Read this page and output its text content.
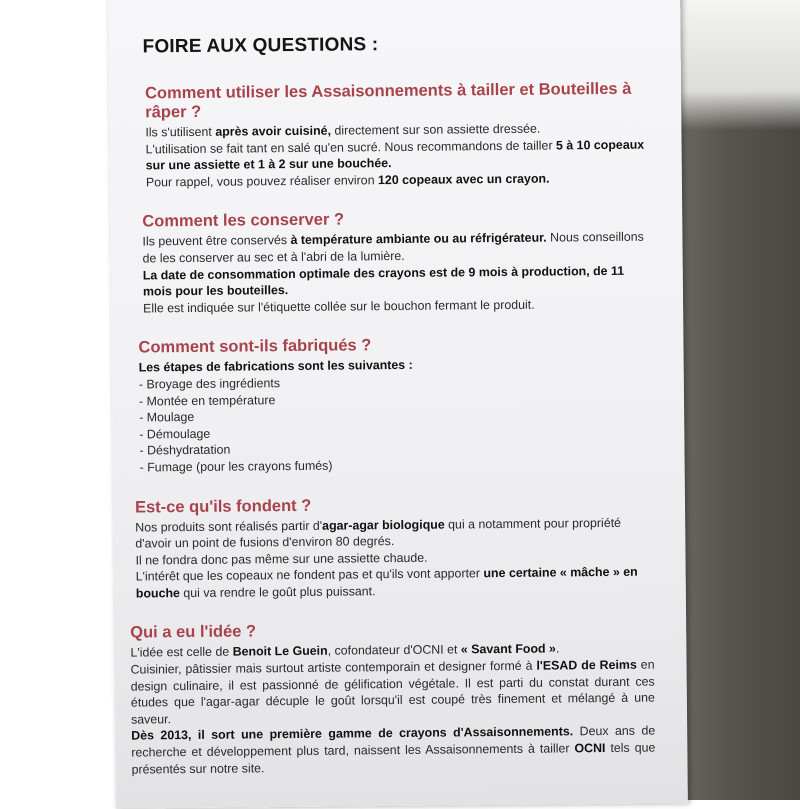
FOIRE AUX QUESTIONS :
Comment utiliser les Assaisonnements à tailler et Bouteilles à râper ?

Ils s'utilisent après avoir cuisiné, directement sur son assiette dressée.

L'utilisation se fait tant en salé qu'en sucré. Nous recommandons de tailler 5 à 10 copeaux sur une assiette et 1 à 2 sur une bouchée.

Pour rappel, vous pouvez réaliser environ 120 copeaux avec un crayon.

Comment les conserver ?

Ils peuvent être conservés à température ambiante ou au réfrigérateur. Nous conseillons de les conserver au sec et à l'abri de la lumière.

La date de consommation optimale des crayons est de 9 mois à production, de 11 mois pour les bouteilles.

Elle est indiquée sur l'étiquette collée sur le bouchon fermant le produit.

Comment sont-ils fabriqués ?

Les étapes de fabrications sont les suivantes :

- Broyage des ingrédients
- Montée en température
- Moulage
- Démoulage
- Déshydratation
- Fumage (pour les crayons fumés)
Est-ce qu'ils fondent ?

Nos produits sont réalisés partir d'agar-agar biologique qui a notamment pour propriété d'avoir un point de fusions d'environ 80 degrés.

Il ne fondra donc pas même sur une assiette chaude.

L'intérêt que les copeaux ne fondent pas et qu'ils vont apporter une certaine « mâche » en bouche qui va rendre le goût plus puissant.

Qui a eu l'idée ?

L'idée est celle de Benoit Le Guein, cofondateur d'OCNI et « Savant Food ».

Cuisinier, pâtissier mais surtout artiste contemporain et designer formé à l'ESAD de Reims en design culinaire, il est passionné de gélification végétale. Il est parti du constat durant ces études que l'agar-agar décuple le goût lorsqu'il est coupé très finement et mélangé à une saveur.

Dès 2013, il sort une première gamme de crayons d'Assaisonnements. Deux ans de recherche et développement plus tard, naissent les Assaisonnements à tailler OCNI tels que présentés sur notre site.
